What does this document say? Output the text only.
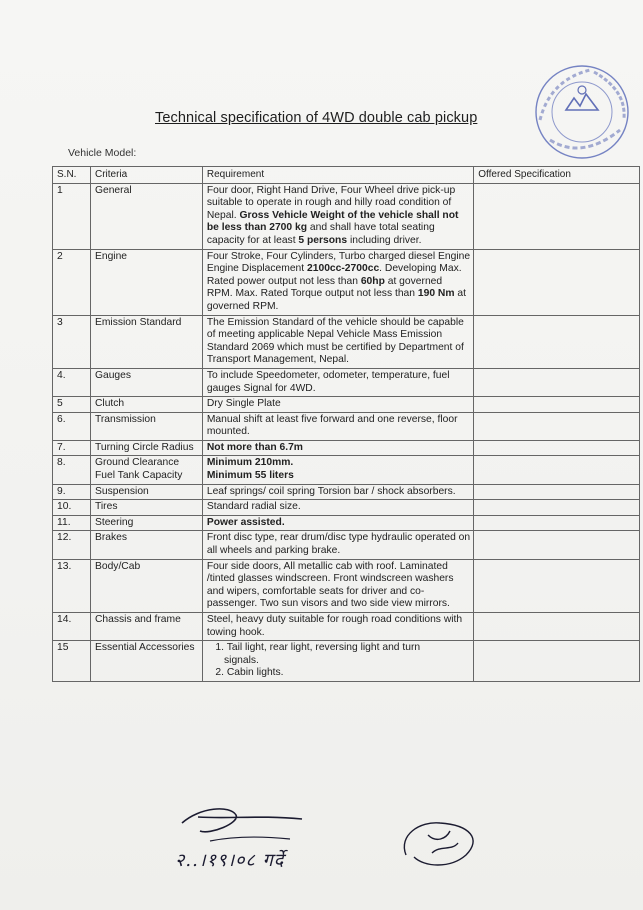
Technical specification of 4WD double cab pickup
Vehicle Model:
S.N.	Criteria	Requirement	Offered Specification
1	General	Four door, Right Hand Drive, Four Wheel drive pick-up suitable to operate in rough and hilly road condition of Nepal. Gross Vehicle Weight of the vehicle shall not be less than 2700 kg and shall have total seating capacity for at least 5 persons including driver.	
2	Engine	Four Stroke, Four Cylinders, Turbo charged diesel Engine Engine Displacement 2100cc-2700cc. Developing Max. Rated power output not less than 60hp at governed RPM. Max. Rated Torque output not less than 190 Nm at governed RPM.	
3	Emission Standard	The Emission Standard of the vehicle should be capable of meeting applicable Nepal Vehicle Mass Emission Standard 2069 which must be certified by Department of Transport Management, Nepal.	
4.	Gauges	To include Speedometer, odometer, temperature, fuel gauges Signal for 4WD.	
5	Clutch	Dry Single Plate	
6.	Transmission	Manual shift at least five forward and one reverse, floor mounted.	
7.	Turning Circle Radius	Not more than 6.7m	
8.	Ground Clearance Fuel Tank Capacity	Minimum 210mm.
Minimum 55 liters	
9.	Suspension	Leaf springs/ coil spring Torsion bar / shock absorbers.	
10.	Tires	Standard radial size.	
11.	Steering	Power assisted.	
12.	Brakes	Front disc type, rear drum/disc type hydraulic operated on all wheels and parking brake.	
13.	Body/Cab	Four side doors, All metallic cab with roof. Laminated /tinted glasses windscreen. Front windscreen washers and wipers, comfortable seats for driver and co-passenger. Two sun visors and two side view mirrors.	
14.	Chassis and frame	Steel, heavy duty suitable for rough road conditions with towing hook.	
15	Essential Accessories	1. Tail light, rear light, reversing light and turn       signals.
2. Cabin lights.	
२..।१९।०८ गर्दे
